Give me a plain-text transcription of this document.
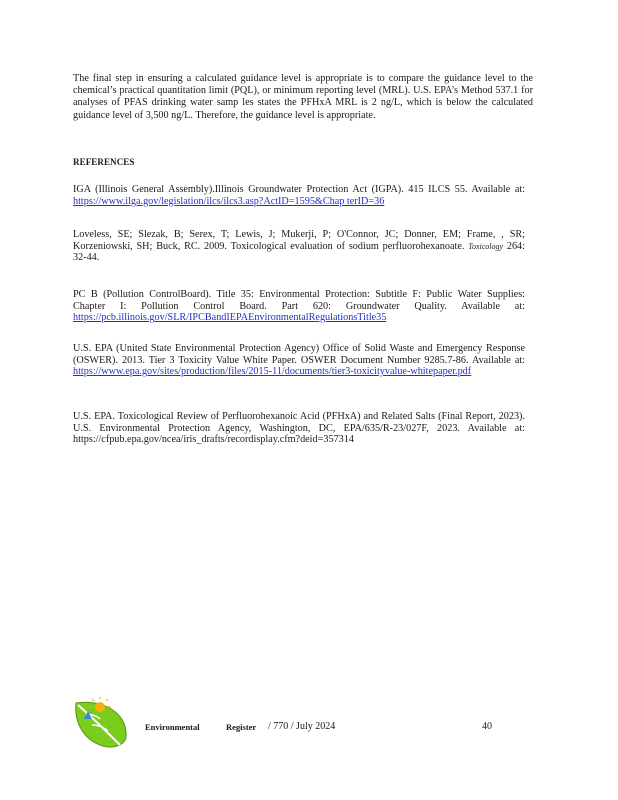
The final step in ensuring a calculated guidance level is appropriate is to compare the guidance level to the chemical’s practical quantitation limit (PQL), or minimum reporting level (MRL). U.S. EPA’s Method 537.1 for analyses of PFAS drinking water samp les states the PFHxA MRL is 2 ng/L, which is below the calculated guidance level of 3,500 ng/L. Therefore, the guidance level is appropriate.

REFERENCES

IGA (Illinois General Assembly).Illinois Groundwater Protection Act (IGPA). 415 ILCS 55. Available at: https://www.ilga.gov/legislation/ilcs/ilcs3.asp?ActID=1595&Chap terID=36

Loveless, SE; Slezak, B; Serex, T; Lewis, J; Mukerji, P; O'Connor, JC; Donner, EM; Frame, , SR; Korzeniowski, SH; Buck, RC. 2009. Toxicological evaluation of sodium perfluorohexanoate. Toxicology 264: 32-44.

PC B (Pollution ControlBoard). Title 35: Environmental Protection: Subtitle F: Public Water Supplies: Chapter I: Pollution Control Board. Part 620: Groundwater Quality. Available at: https://pcb.illinois.gov/SLR/IPCBandIEPAEnvironmentalRegulationsTitle35

U.S. EPA (United State Environmental Protection Agency) Office of Solid Waste and Emergency Response (OSWER). 2013. Tier 3 Toxicity Value White Paper. OSWER Document Number 9285.7-86. Available at: https://www.epa.gov/sites/production/files/2015-11/documents/tier3-toxicityvalue-whitepaper.pdf

U.S. EPA. Toxicological Review of Perfluorohexanoic Acid (PFHxA) and Related Salts (Final Report, 2023). U.S. Environmental Protection Agency, Washington, DC, EPA/635/R-23/027F, 2023. Available at: https://cfpub.epa.gov/ncea/iris_drafts/recordisplay.cfm?deid=357314

Environmental	Register / 770 / July 2024	40
